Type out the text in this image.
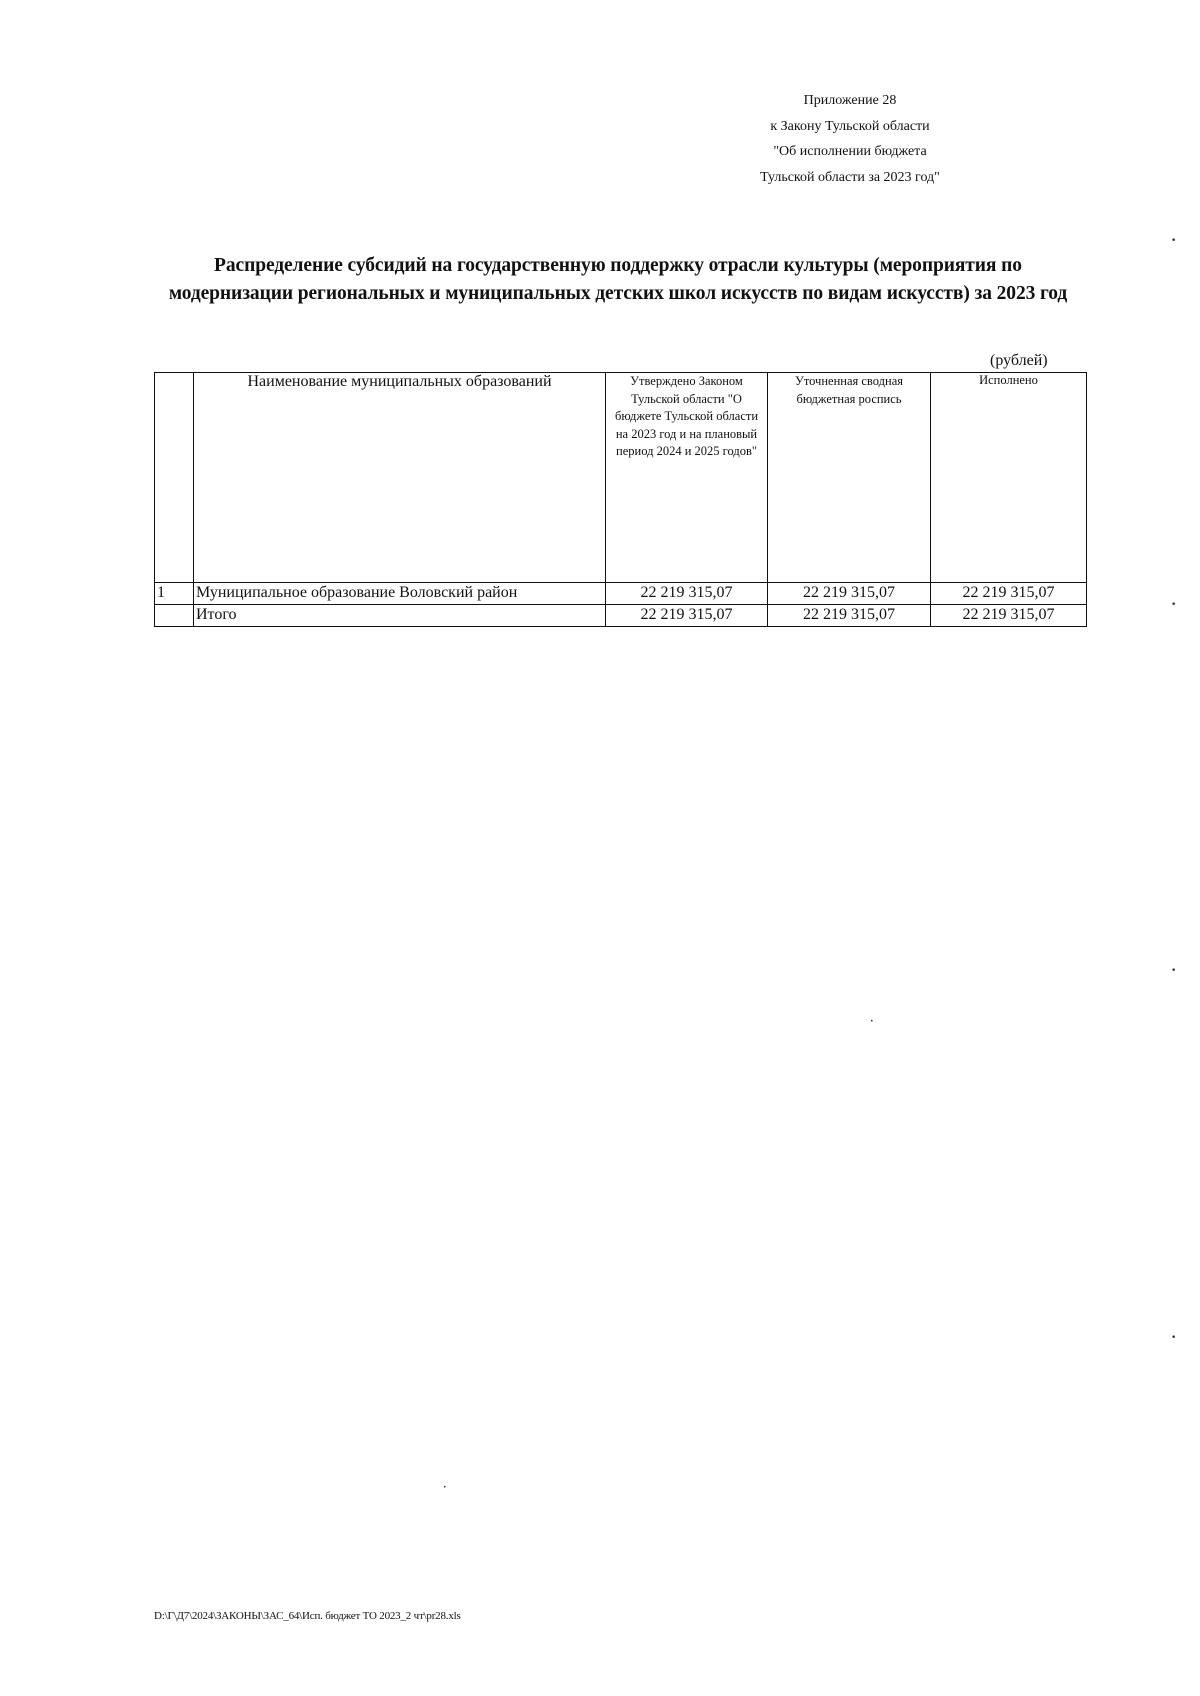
Приложение 28
к Закону Тульской области
"Об исполнении бюджета
Тульской области за 2023 год"
Распределение субсидий на государственную поддержку отрасли культуры (мероприятия по модернизации региональных и муниципальных детских школ искусств по видам искусств) за 2023 год
(рублей)
	Наименование муниципальных образований	Утверждено Законом Тульской области "О бюджете Тульской области на 2023 год и на плановый период 2024 и 2025 годов"	Уточненная сводная бюджетная роспись	Исполнено
1	Муниципальное образование Воловский район	22 219 315,07	22 219 315,07	22 219 315,07
	Итого	22 219 315,07	22 219 315,07	22 219 315,07
•
•
•
•
•
•
D:\Г\Д7\2024\ЗАКОНЫ\ЗАС_64\Исп. бюджет ТО 2023_2 чт\pr28.xls
